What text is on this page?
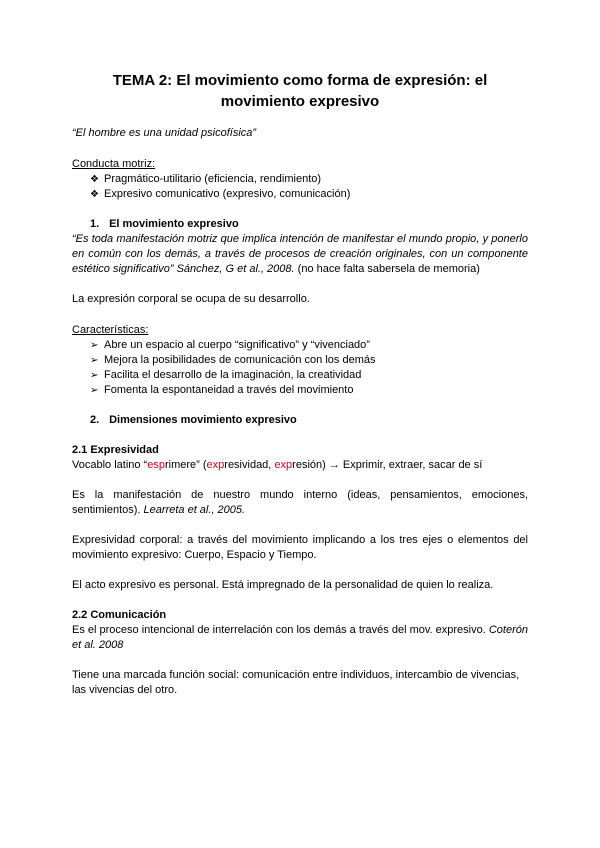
TEMA 2: El movimiento como forma de expresión: el movimiento expresivo
“El hombre es una unidad psicofísica”
Conducta motriz:
❖ Pragmático-utilitario (eficiencia, rendimiento)
❖ Expresivo comunicativo (expresivo, comunicación)
1. El movimiento expresivo
“Es toda manifestación motriz que implica intención de manifestar el mundo propio, y ponerlo en común con los demás, a través de procesos de creación originales, con un componente estético significativo” Sánchez, G et al., 2008. (no hace falta sabersela de memoria)
La expresión corporal se ocupa de su desarrollo.
Características:
➢ Abre un espacio al cuerpo “significativo” y “vivenciado”
➢ Mejora la posibilidades de comunicación con los demás
➢ Facilita el desarrollo de la imaginación, la creatividad
➢ Fomenta la espontaneidad a través del movimiento
2. Dimensiones movimiento expresivo
2.1 Expresividad
Vocablo latino “esprimere” (expresividad, expresión) → Exprimir, extraer, sacar de sí
Es la manifestación de nuestro mundo interno (ideas, pensamientos, emociones, sentimientos). Learreta et al., 2005.
Expresividad corporal: a través del movimiento implicando a los tres ejes o elementos del movimiento expresivo: Cuerpo, Espacio y Tiempo.
El acto expresivo es personal. Está impregnado de la personalidad de quien lo realiza.
2.2 Comunicación
Es el proceso intencional de interrelación con los demás a través del mov. expresivo. Coterón et al. 2008
Tiene una marcada función social: comunicación entre individuos, intercambio de vivencias, las vivencias del otro.
